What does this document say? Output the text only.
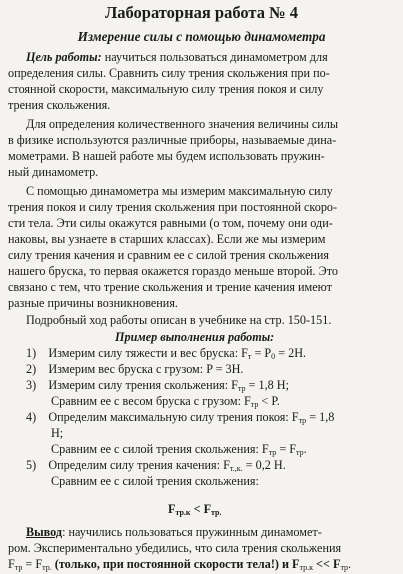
Лабораторная работа № 4
Измерение силы с помощью динамометра
Цель работы: научиться пользоваться динамометром для
определения силы. Сравнить силу трения скольжения при по-
стоянной скорости, максимальную силу трения покоя и силу
трения скольжения.
Для определения количественного значения величины силы
в физике используются различные приборы, называемые дина-
мометрами. В нашей работе мы будем использовать пружин-
ный динамометр.
С помощью динамометра мы измерим максимальную силу
трения покоя и силу трения скольжения при постоянной скоро-
сти тела. Эти силы окажутся равными (о том, почему они оди-
наковы, вы узнаете в старших классах). Если же мы измерим
силу трения качения и сравним ее с силой трения скольжения
нашего бруска, то первая окажется гораздо меньше второй. Это
связано с тем, что трение скольжения и трение качения имеют
разные причины возникновения.
Подробный ход работы описан в учебнике на стр. 150-151.
Пример выполнения работы:
1) Измерим силу тяжести и вес бруска: $F_т = P_0 = 2Н$.
2) Измерим вес бруска с грузом: P = 3Н.
3) Измерим силу трения скольжения: $F_{тр} = 1,8$ Н;
Сравним ее с весом бруска с грузом: $F_{тр} < P$.
4) Определим максимальную силу трения покоя: $F_{тр} = 1,8$
Н;
Сравним ее с силой трения скольжения: $F_{тр} = F_{тр}$.
5) Определим силу трения качения: $F_{т.,к.} = 0,2$ Н.
Сравним ее с силой трения скольжения:
$F_{тр.к} < F_{тр.}$
Вывод: научились пользоваться пружинным динамомет-
ром. Экспериментально убедились, что сила трения скольжения
$F_{тр} = F_{тр.}$ (только, при постоянной скорости тела!) и $F_{тр.к} << F_{тр}$.
